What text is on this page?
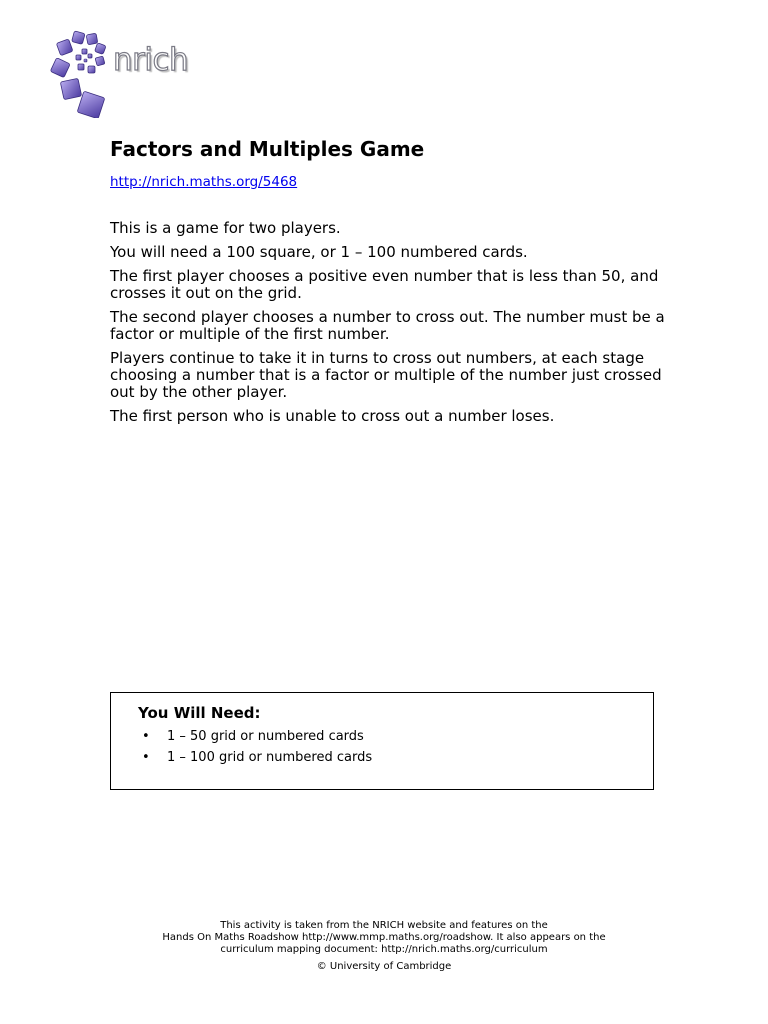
nrich
Factors and Multiples Game
http://nrich.maths.org/5468

This is a game for two players.

You will need a 100 square, or 1 – 100 numbered cards.

The first player chooses a positive even number that is less than 50, and crosses it out on the grid.

The second player chooses a number to cross out. The number must be a factor or multiple of the first number.

Players continue to take it in turns to cross out numbers, at each stage choosing a number that is a factor or multiple of the number just crossed out by the other player.

The first person who is unable to cross out a number loses.

You Will Need:
• 1 – 50 grid or numbered cards
• 1 – 100 grid or numbered cards
This activity is taken from the NRICH website and features on the
Hands On Maths Roadshow http://www.mmp.maths.org/roadshow. It also appears on the
curriculum mapping document: http://nrich.maths.org/curriculum
© University of Cambridge
